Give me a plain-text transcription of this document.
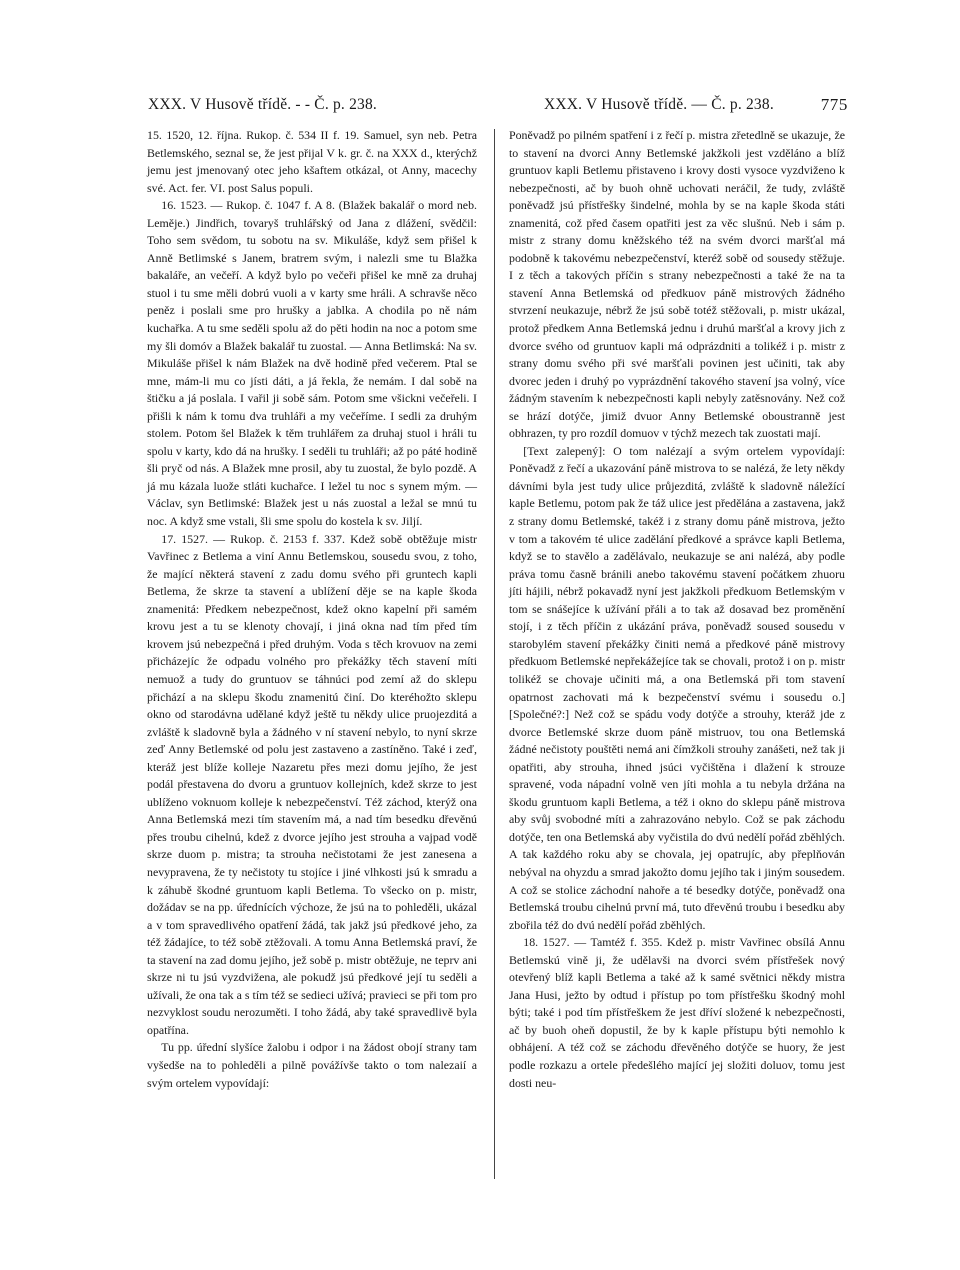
XXX. V Husově třídě. - - Č. p. 238.	XXX. V Husově třídě. — Č. p. 238.	775

15. 1520, 12. října. Rukop. č. 534 II f. 19. Samuel, syn neb. Petra Betlemského, seznal se, že jest přijal V k. gr. č. na XXX d., kterýchž jemu jest jmenovaný otec jeho kšaftem otkázal, ot Anny, macechy své. Act. fer. VI. post Salus populi.

16. 1523. — Rukop. č. 1047 f. A 8. (Blažek bakalář o mord neb. Leměje.) Jindřich, tovaryš truhlářský od Jana z dlážení, svědčil: Toho sem svědom, tu sobotu na sv. Mikuláše, když sem přišel k Anně Betlimské s Janem, bratrem svým, i nalezli sme tu Blažka bakaláře, an večeří. A když bylo po večeři přišel ke mně za druhaj stuol i tu sme měli dobrú vuoli a v karty sme hráli. A schravše něco peněz i poslali sme pro hrušky a jablka. A chodila po ně nám kuchařka. A tu sme seděli spolu až do pěti hodin na noc a potom sme my šli domóv a Blažek bakalář tu zuostal. — Anna Betlimská: Na sv. Mikuláše přišel k nám Blažek na dvě hodině před večerem. Ptal se mne, mám-li mu co jísti dáti, a já řekla, že nemám. I dal sobě na štičku a já poslala. I vařil ji sobě sám. Potom sme všickni večeřeli. I přišli k nám k tomu dva truhláři a my večeříme. I sedli za druhým stolem. Potom šel Blažek k těm truhlářem za druhaj stuol i hráli tu spolu v karty, kdo dá na hrušky. I seděli tu truhláři; až po páté hodině šli pryč od nás. A Blažek mne prosil, aby tu zuostal, že bylo pozdě. A já mu kázala luože stláti kuchařce. I ležel tu noc s synem mým. — Václav, syn Betlimské: Blažek jest u nás zuostal a ležal se mnú tu noc. A když sme vstali, šli sme spolu do kostela k sv. Jiljí.

17. 1527. — Rukop. č. 2153 f. 337. Kdež sobě obtěžuje mistr Vavřinec z Betlema a viní Annu Betlemskou, sousedu svou, z toho, že mající některá stavení z zadu domu svého při gruntech kapli Betlema, že skrze ta stavení a ublížení děje se na kaple škoda znamenitá: Předkem nebezpečnost, kdež okno kapelní při samém krovu jest a tu se klenoty chovají, i jiná okna nad tím před tím krovem jsú nebezpečná i před druhým. Voda s těch krovuov na zemi přicházejíc že odpadu volného pro překážky těch stavení míti nemuož a tudy do gruntuov se táhnúci pod zemí až do sklepu přichází a na sklepu škodu znamenitú činí. Do kteréhožto sklepu okno od starodávna udělané když ještě tu někdy ulice pruojezditá a zvláště k sladovně byla a žádného v ní stavení nebylo, to nyní skrze zeď Anny Betlemské od polu jest zastaveno a zastíněno. Také i zeď, kteráž jest blíže kolleje Nazaretu přes mezi domu jejího, že jest podál přestavena do dvoru a gruntuov kollejních, kdež skrze to jest ublíženo voknuom kolleje k nebezpečenství. Též záchod, kterýž ona Anna Betlemská mezi tím stavením má, a nad tím besedku dřevěnú přes troubu cihelnú, kdež z dvorce jejího jest strouha a vajpad vodě skrze duom p. mistra; ta strouha nečistotami že jest zanesena a nevypravena, že ty nečistoty tu stojíce i jiné vlhkosti jsú k smradu a k záhubě škodné gruntuom kapli Betlema. To všecko on p. mistr, dožádav se na pp. úřednících výchoze, že jsú na to pohleděli, ukázal a v tom spravedlivého opatření žádá, tak jakž jsú předkové jeho, za též žádajíce, to též sobě ztěžovali. A tomu Anna Betlemská praví, že ta stavení na zad domu jejího, jež sobě p. mistr obtěžuje, ne teprv ani skrze ni tu jsú vyzdvižena, ale pokudž jsú předkové její tu seděli a užívali, že ona tak a s tím též se sedieci užívá; pravieci se při tom pro nezvyklost soudu nerozuměti. I toho žádá, aby také spravedlivě byla opatřína.

Tu pp. úřední slyšíce žalobu i odpor i na žádost obojí strany tam vyšedše na to pohleděli a pilně povážívše takto o tom nalezaií a svým ortelem vypovídají:

Poněvadž po pilném spatření i z řečí p. mistra zřetedlně se ukazuje, že to stavení na dvorci Anny Betlemské jakžkoli jest vzděláno a blíž gruntuov kapli Betlemu přistaveno i krovy dosti vysoce vyzdviženo k nebezpečnosti, ač by buoh ohně uchovati neráčil, že tudy, zvláště poněvadž jsú přístřešky šindelné, mohla by se na kaple škoda státi znamenitá, což před časem opatřiti jest za věc slušnú. Neb i sám p. mistr z strany domu kněžského též na svém dvorci maršťal má podobně k takovému nebezpečenství, kteréž sobě od sousedy stěžuje. I z těch a takových příčin s strany nebezpečnosti a také že na ta stavení Anna Betlemská od předkuov páně mistrových žádného stvrzení neukazuje, nébrž že jsú sobě totéž stěžovali, p. mistr ukázal, protož předkem Anna Betlemská jednu i druhú maršťal a krovy jich z dvorce svého od gruntuov kapli má odprázdniti a tolikéž i p. mistr z strany domu svého při své maršťali povinen jest učiniti, tak aby dvorec jeden i druhý po vyprázdnění takového stavení jsa volný, více žádným stavením k nebezpečnosti kapli nebyly zatěsnovány. Než což se hrází dotýče, jimiž dvuor Anny Betlemské oboustranně jest obhrazen, ty pro rozdíl domuov v týchž mezech tak zuostati mají.

[Text zalepený]: O tom nalézají a svým ortelem vypovídají: Poněvadž z řečí a ukazování páně mistrova to se nalézá, že lety někdy dávními byla jest tudy ulice průjezditá, zvláště k sladovně náležící kaple Betlemu, potom pak že táž ulice jest předělána a zastavena, jakž z strany domu Betlemské, takéž i z strany domu páně mistrova, ježto v tom a takovém té ulice zadělání předkové a správce kapli Betlema, když se to stavělo a zadělávalo, neukazuje se ani nalézá, aby podle práva tomu časně bránili anebo takovému stavení počátkem zhuoru jíti hájili, nébrž pokavadž nyní jest jakžkoli předkuom Betlemským v tom se snášejíce k užívání přáli a to tak až dosavad bez proměnění stojí, i z těch příčin z ukázání práva, poněvadž soused sousedu v starobylém stavení překážky činiti nemá a předkové páně mistrovy předkuom Betlemské nepřekážejíce tak se chovali, protož i on p. mistr tolikéž se chovaje učiniti má, a ona Betlemská při tom stavení opatrnost zachovati má k bezpečenství svému i sousedu o.] [Společné?:] Než což se spádu vody dotýče a strouhy, kteráž jde z dvorce Betlemské skrze duom páně mistruov, tou ona Betlemská žádné nečistoty pouštěti nemá ani čímžkoli strouhy zanášeti, než tak ji opatřiti, aby strouha, ihned jsúci vyčištěna i dlažení k strouze spravené, voda nápadní volně ven jíti mohla a tu nebyla držána na škodu gruntuom kapli Betlema, a též i okno do sklepu páně mistrova aby svůj svobodné míti a zahrazováno nebylo. Což se pak záchodu dotýče, ten ona Betlemská aby vyčistila do dvú nedělí pořád zběhlých. A tak každého roku aby se chovala, jej opatrujíc, aby přeplňován nebýval na ohyzdu a smrad jakožto domu jejího tak i jiným sousedem. A což se stolice záchodní nahoře a té besedky dotýče, poněvadž ona Betlemská troubu cihelnú první má, tuto dřevěnú troubu i besedku aby zbořila též do dvú nedělí pořád zběhlých.

18. 1527. — Tamtéž f. 355. Kdež p. mistr Vavřinec obsílá Annu Betlemskú vině ji, že udělavši na dvorci svém přístřešek nový otevřený blíž kapli Betlema a také až k samé světnici někdy mistra Jana Husi, ježto by odtud i přístup po tom přístřešku škodný mohl býti; také i pod tím přístřeškem že jest dříví složené k nebezpečnosti, ač by buoh oheň dopustil, že by k kaple přístupu býti nemohlo k obhájení. A též což se záchodu dřevěného dotýče se huory, že jest podle rozkazu a ortele předešlého mající jej složiti doluov, tomu jest dosti neu-
